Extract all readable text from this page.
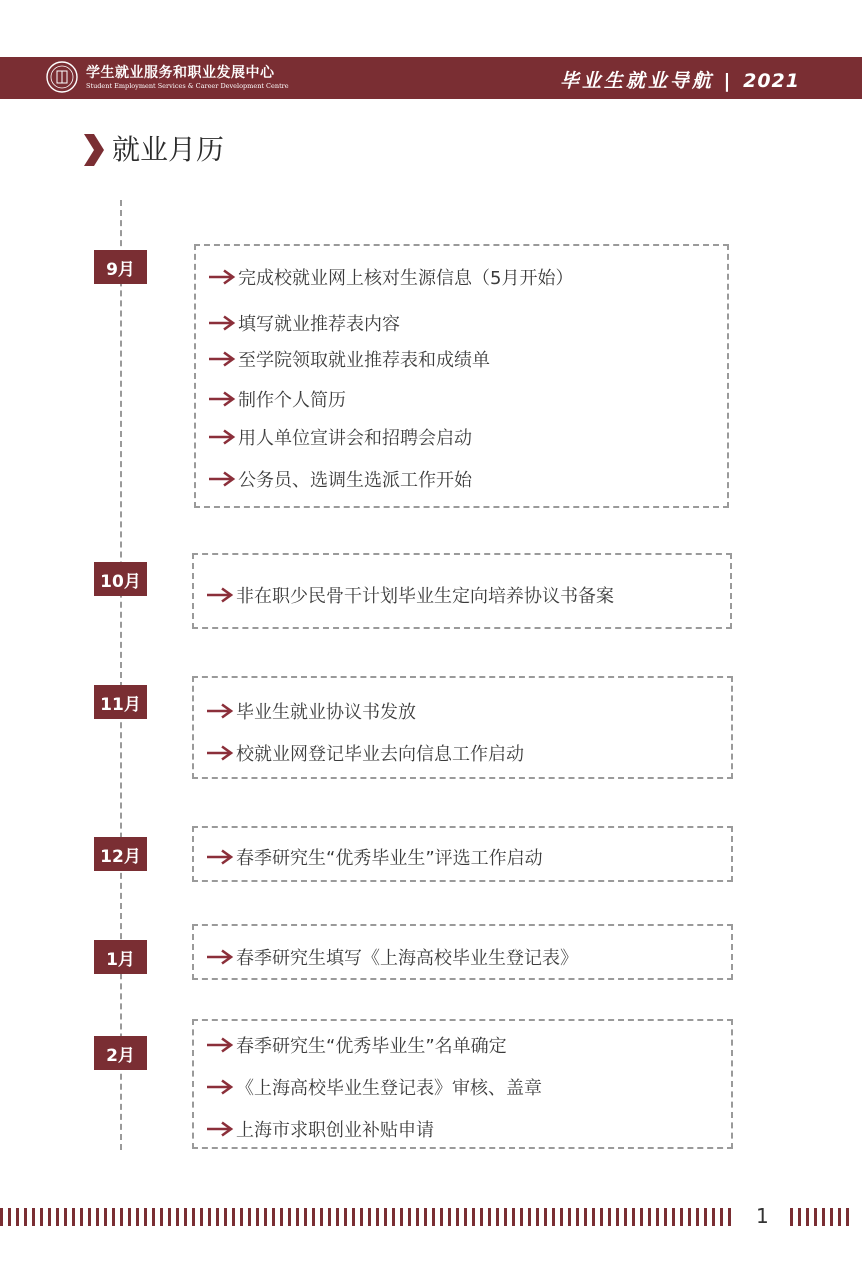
学生就业服务和职业发展中心
Student Employment Services & Career Development Centre	毕业生就业导航 | 2021
就业月历
9月	完成校就业网上核对生源信息（5月开始）
填写就业推荐表内容
至学院领取就业推荐表和成绩单
制作个人简历
用人单位宣讲会和招聘会启动
公务员、选调生选派工作开始
10月
非在职少民骨干计划毕业生定向培养协议书备案
11月	毕业生就业协议书发放
校就业网登记毕业去向信息工作启动
12月	春季研究生“优秀毕业生”评选工作启动
1月	春季研究生填写《上海高校毕业生登记表》
2月	春季研究生“优秀毕业生”名单确定
《上海高校毕业生登记表》审核、盖章
上海市求职创业补贴申请
1
